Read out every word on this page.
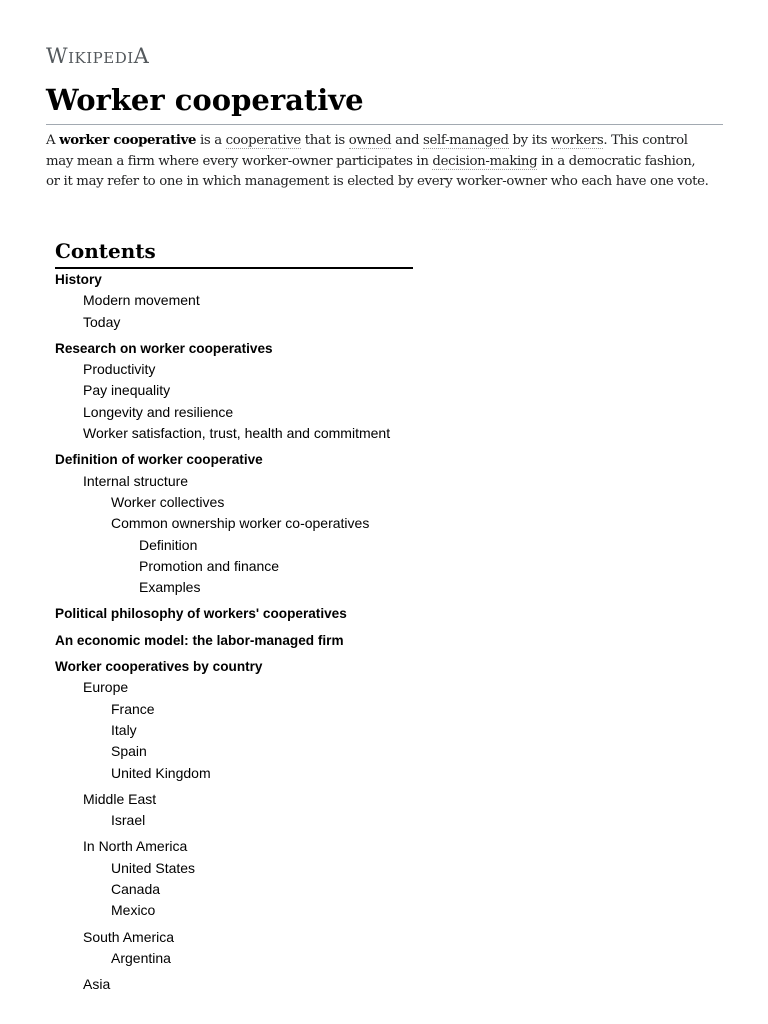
WIKIPEDIA
Worker cooperative

A worker cooperative is a cooperative that is owned and self-managed by its workers. This control
may mean a firm where every worker-owner participates in decision-making in a democratic fashion,
or it may refer to one in which management is elected by every worker-owner who each have one vote.

Contents
History
Modern movement
Today
Research on worker cooperatives
Productivity
Pay inequality
Longevity and resilience
Worker satisfaction, trust, health and commitment
Definition of worker cooperative
Internal structure
Worker collectives
Common ownership worker co-operatives
Definition
Promotion and finance
Examples
Political philosophy of workers' cooperatives
An economic model: the labor-managed firm
Worker cooperatives by country
Europe
France
Italy
Spain
United Kingdom
Middle East
Israel
In North America
United States
Canada
Mexico
South America
Argentina
Asia
